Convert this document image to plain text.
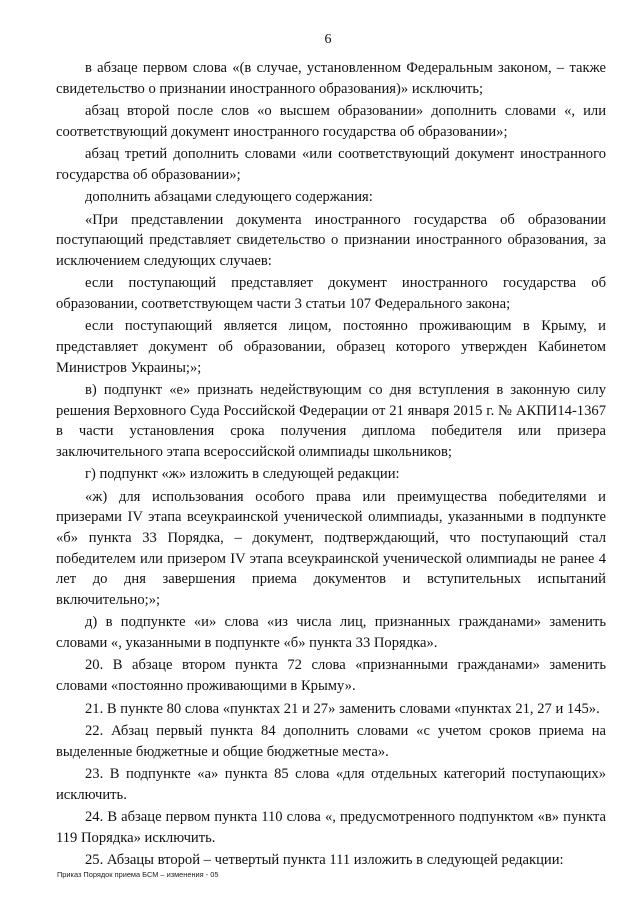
6

в абзаце первом слова «(в случае, установленном Федеральным законом, – также свидетельство о признании иностранного образования)» исключить;

абзац второй после слов «о высшем образовании» дополнить словами «, или соответствующий документ иностранного государства об образовании»;

абзац третий дополнить словами «или соответствующий документ иностранного государства об образовании»;

дополнить абзацами следующего содержания:

«При представлении документа иностранного государства об образовании поступающий представляет свидетельство о признании иностранного образования, за исключением следующих случаев:

если поступающий представляет документ иностранного государства об образовании, соответствующем части 3 статьи 107 Федерального закона;

если поступающий является лицом, постоянно проживающим в Крыму, и представляет документ об образовании, образец которого утвержден Кабинетом Министров Украины;»;

в) подпункт «е» признать недействующим со дня вступления в законную силу решения Верховного Суда Российской Федерации от 21 января 2015 г. № АКПИ14-1367 в части установления срока получения диплома победителя или призера заключительного этапа всероссийской олимпиады школьников;

г) подпункт «ж» изложить в следующей редакции:

«ж) для использования особого права или преимущества победителями и призерами IV этапа всеукраинской ученической олимпиады, указанными в подпункте «б» пункта 33 Порядка, – документ, подтверждающий, что поступающий стал победителем или призером IV этапа всеукраинской ученической олимпиады не ранее 4 лет до дня завершения приема документов и вступительных испытаний включительно;»;

д) в подпункте «и» слова «из числа лиц, признанных гражданами» заменить словами «, указанными в подпункте «б» пункта 33 Порядка».

20. В абзаце втором пункта 72 слова «признанными гражданами» заменить словами «постоянно проживающими в Крыму».

21. В пункте 80 слова «пунктах 21 и 27» заменить словами «пунктах 21, 27 и 145».

22. Абзац первый пункта 84 дополнить словами «с учетом сроков приема на выделенные бюджетные и общие бюджетные места».

23. В подпункте «а» пункта 85 слова «для отдельных категорий поступающих» исключить.

24. В абзаце первом пункта 110 слова «, предусмотренного подпунктом «в» пункта 119 Порядка» исключить.

25. Абзацы второй – четвертый пункта 111 изложить в следующей редакции:

Приказ Порядок приема БСМ – изменения - 05
